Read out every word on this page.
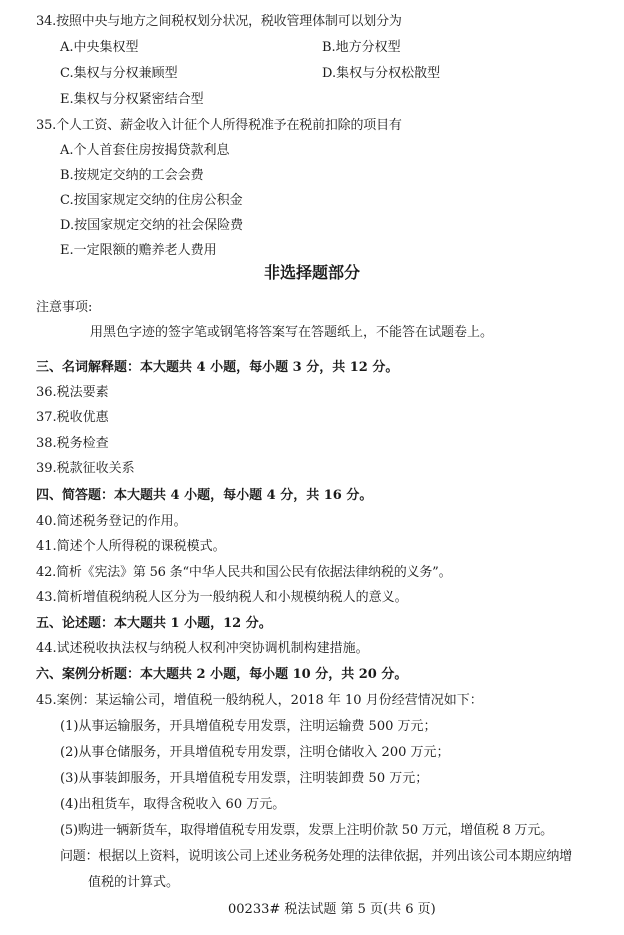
34.按照中央与地方之间税权划分状况，税收管理体制可以划分为
A.中央集权型	B.地方分权型
C.集权与分权兼顾型	D.集权与分权松散型
E.集权与分权紧密结合型
35.个人工资、薪金收入计征个人所得税准予在税前扣除的项目有
A.个人首套住房按揭贷款利息
B.按规定交纳的工会会费
C.按国家规定交纳的住房公积金
D.按国家规定交纳的社会保险费
E.一定限额的赡养老人费用
非选择题部分
注意事项:
用黑色字迹的签字笔或钢笔将答案写在答题纸上，不能答在试题卷上。
三、名词解释题：本大题共 4 小题，每小题 3 分，共 12 分。
36.税法要素
37.税收优惠
38.税务检查
39.税款征收关系
四、简答题：本大题共 4 小题，每小题 4 分，共 16 分。
40.简述税务登记的作用。
41.简述个人所得税的课税模式。
42.简析《宪法》第 56 条“中华人民共和国公民有依据法律纳税的义务”。
43.简析增值税纳税人区分为一般纳税人和小规模纳税人的意义。
五、论述题：本大题共 1 小题，12 分。
44.试述税收执法权与纳税人权利冲突协调机制构建措施。
六、案例分析题：本大题共 2 小题，每小题 10 分，共 20 分。
45.案例：某运输公司，增值税一般纳税人，2018 年 10 月份经营情况如下：
(1)从事运输服务，开具增值税专用发票，注明运输费 500 万元；
(2)从事仓储服务，开具增值税专用发票，注明仓储收入 200 万元；
(3)从事装卸服务，开具增值税专用发票，注明装卸费 50 万元；
(4)出租货车，取得含税收入 60 万元。
(5)购进一辆新货车，取得增值税专用发票，发票上注明价款 50 万元，增值税 8 万元。
问题：根据以上资料，说明该公司上述业务税务处理的法律依据，并列出该公司本期应纳增
值税的计算式。
00233# 税法试题 第 5 页(共 6 页)
